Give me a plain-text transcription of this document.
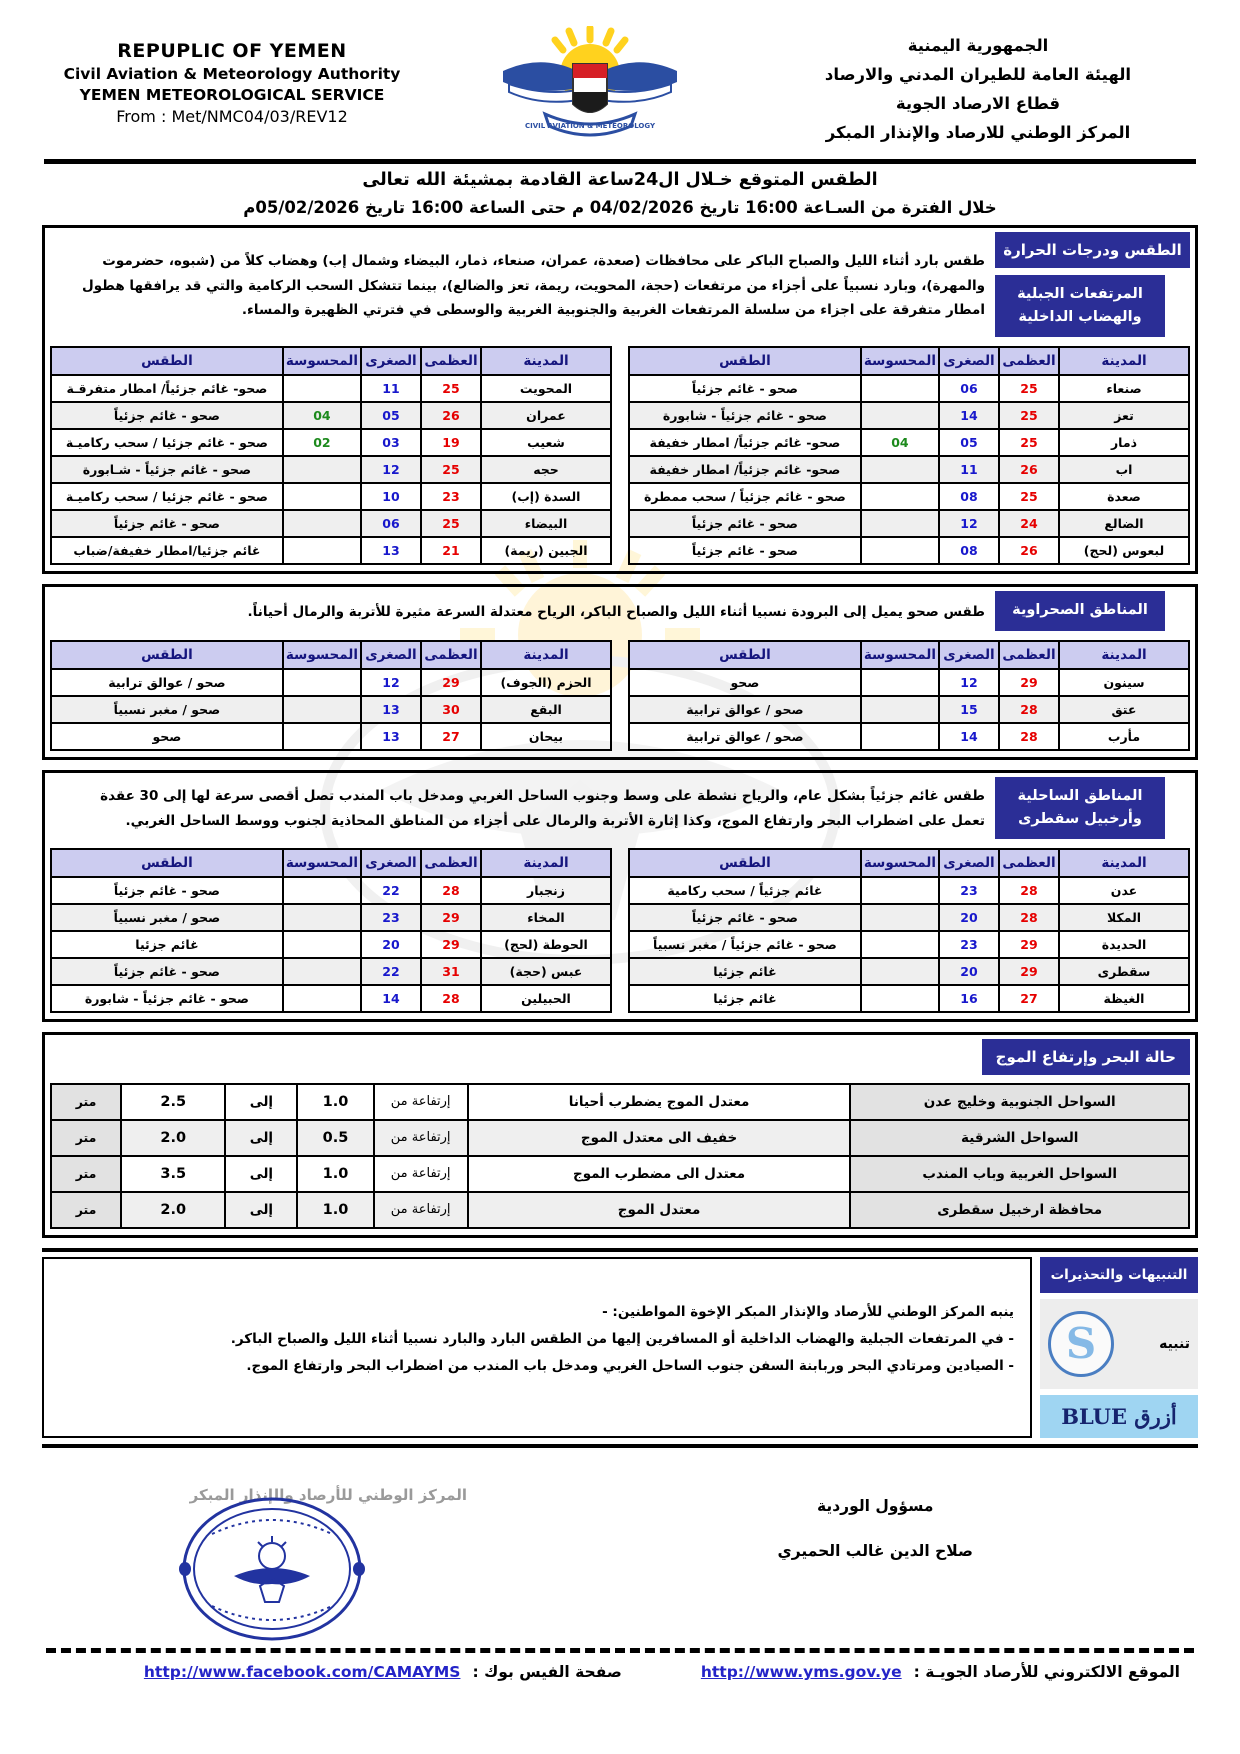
REPUPLIC OF YEMEN
Civil Aviation & Meteorology Authority
YEMEN METEOROLOGICAL SERVICE
From : Met/NMC04/03/REV12	CIVIL AVIATION & METEOROLOGY
الجمهورية اليمنية
الهيئة العامة للطيران المدني والارصاد
قطاع الارصاد الجوية
المركز الوطني للارصاد والإنذار المبكر
الطقس المتوقع خـلال ال24ساعة القادمة بمشيئة الله تعالى
خلال الفترة من السـاعة 16:00 تاريخ 04/02/2026 م حتى الساعة 16:00 تاريخ 05/02/2026م
الطقس ودرجات الحرارة
المرتفعات الجبلية والهضاب الداخلية
طقس بارد أثناء الليل والصباح الباكر على محافظات (صعدة، عمران، صنعاء، ذمار، البيضاء وشمال إب) وهضاب كلاً من (شبوه، حضرموت والمهرة)، وبارد نسبياً على أجزاء من مرتفعات (حجة، المحويت، ريمة، تعز والضالع)، بينما تتشكل السحب الركامية والتي قد يرافقها هطول امطار متفرقة على اجزاء من سلسلة المرتفعات الغربية والجنوبية الغربية والوسطى في فترتي الظهيرة والمساء.
المدينة	العظمى	الصغرى	المحسوسة	الطقس
صنعاء	25	06		صحو - غائم جزئياً
تعز	25	14		صحو - غائم جزئياً - شابورة
ذمار	25	05	04	صحو- غائم جزئياً/ امطار خفيفة
اب	26	11		صحو- غائم جزئياً/ امطار خفيفة
صعدة	25	08		صحو - غائم جزئياً / سحب ممطرة
الضالع	24	12		صحو - غائم جزئياً
لبعوس (لحج)	26	08		صحو - غائم جزئياً
المدينة	العظمى	الصغرى	المحسوسة	الطقس
المحويت	25	11		صحو- غائم جزئياً/ امطار متفرقـة
عمران	26	05	04	صحو - غائم جزئياً
شعيب	19	03	02	صحو - غائم جزئيا / سحب ركاميـة
حجه	25	12		صحو - غائم جزئياً - شـابورة
السدة (إب)	23	10		صحو - غائم جزئيا / سحب ركاميـة
البيضاء	25	06		صحو - غائم جزئياً
الجبين (ريمة)	21	13		غائم جزئيا/امطار خفيفة/ضباب
المناطق الصحراوية
طقس صحو يميل إلى البرودة نسبيا أثناء الليل والصباح الباكر، الرياح معتدلة السرعة مثيرة للأتربة والرمال أحياناً.
المدينة	العظمى	الصغرى	المحسوسة	الطقس
سينون	29	12		صحو
عتق	28	15		صحو / عوالق ترابية
مأرب	28	14		صحو / عوالق ترابية
المدينة	العظمى	الصغرى	المحسوسة	الطقس
الحزم (الجوف)	29	12		صحو / عوالق ترابية
البقع	30	13		صحو / مغبر نسبياً
بيحان	27	13		صحو
المناطق الساحلية وأرخبيل سقطرى
طقس غائم جزئياً بشكل عام، والرياح نشطة على وسط وجنوب الساحل الغربي ومدخل باب المندب تصل أقصى سرعة لها إلى 30 عقدة تعمل على اضطراب البحر وارتفاع الموج، وكذا إثارة الأتربة والرمال على أجزاء من المناطق المحاذية لجنوب ووسط الساحل الغربي.
المدينة	العظمى	الصغرى	المحسوسة	الطقس
عدن	28	23		غائم جزئياً / سحب ركامية
المكلا	28	20		صحو - غائم جزئياً
الحديدة	29	23		صحو - غائم جزئياً / مغبر نسبياً
سقطرى	29	20		غائم جزئيا
الغيظة	27	16		غائم جزئيا
المدينة	العظمى	الصغرى	المحسوسة	الطقس
زنجبار	28	22		صحو - غائم جزئياً
المخاء	29	23		صحو / مغبر نسبياً
الحوطة (لحج)	29	20		غائم جزئيا
عبس (حجة)	31	22		صحو - غائم جزئياً
الحبيلين	28	14		صحو - غائم جزئياً - شابورة
حالة البحر وإرتفاع الموج
السواحل الجنوبية وخليج عدن	معتدل الموج يضطرب أحيانا	إرتفاعة من	1.0	إلى	2.5	متر
السواحل الشرقية	خفيف الى معتدل الموج	إرتفاعة من	0.5	إلى	2.0	متر
السواحل الغربية وباب المندب	معتدل الى مضطرب الموج	إرتفاعة من	1.0	إلى	3.5	متر
محافظة ارخبيل سقطرى	معتدل الموج	إرتفاعة من	1.0	إلى	2.0	متر
التنبيهات والتحذيرات
تنبيه
S
أزرق BLUE
ينبه المركز الوطني للأرصاد والإنذار المبكر الإخوة المواطنين: -
- في المرتفعات الجبلية والهضاب الداخلية أو المسافرين إليها من الطقس البارد والبارد نسبيا أثناء الليل والصباح الباكر.
- الصيادين ومرتادي البحر وربابنة السفن جنوب الساحل الغربي ومدخل باب المندب من اضطراب البحر وارتفاع الموج.
مسؤول الوردية
صلاح الدين غالب الحميري
المركز الوطني للأرصاد والإنذار المبكر
الموقع الالكتروني للأرصاد الجويـة :
http://www.yms.gov.ye
صفحة الفيس بوك :
http://www.facebook.com/CAMAYMS
